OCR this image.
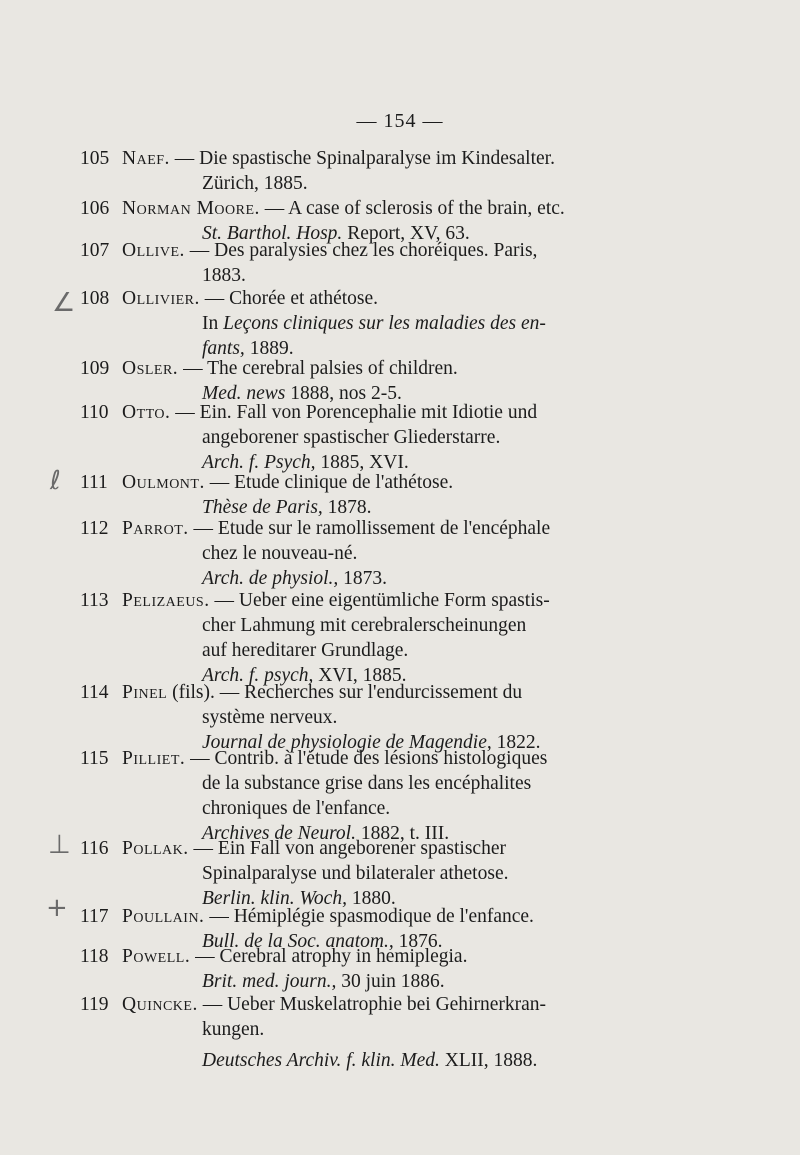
— 154 —
∠
ℓ
⊥
+
105 Naef. — Die spastische Spinalparalyse im Kindesalter.
Zürich, 1885.
106 Norman Moore. — A case of sclerosis of the brain, etc.
St. Barthol. Hosp. Report, XV, 63.
107 Ollive. — Des paralysies chez les choréiques. Paris,
1883.
108 Ollivier. — Chorée et athétose.
In Leçons cliniques sur les maladies des en-
fants, 1889.
109 Osler. — The cerebral palsies of children.
Med. news 1888, nos 2-5.
110 Otto. — Ein. Fall von Porencephalie mit Idiotie und
angeborener spastischer Gliederstarre.
Arch. f. Psych, 1885, XVI.
111 Oulmont. — Etude clinique de l'athétose.
Thèse de Paris, 1878.
112 Parrot. — Etude sur le ramollissement de l'encéphale
chez le nouveau-né.
Arch. de physiol., 1873.
113 Pelizaeus. — Ueber eine eigentümliche Form spastis-
cher Lahmung mit cerebralerscheinungen
auf hereditarer Grundlage.
Arch. f. psych, XVI, 1885.
114 Pinel (fils). — Recherches sur l'endurcissement du
système nerveux.
Journal de physiologie de Magendie, 1822.
115 Pilliet. — Contrib. à l'étude des lésions histologiques
de la substance grise dans les encéphalites
chroniques de l'enfance.
Archives de Neurol. 1882, t. III.
116 Pollak. — Ein Fall von angeborener spastischer
Spinalparalyse und bilateraler athetose.
Berlin. klin. Woch, 1880.
117 Poullain. — Hémiplégie spasmodique de l'enfance.
Bull. de la Soc. anatom., 1876.
118 Powell. — Cerebral atrophy in hemiplegia.
Brit. med. journ., 30 juin 1886.
119 Quincke. — Ueber Muskelatrophie bei Gehirnerkran-
kungen.
Deutsches Archiv. f. klin. Med. XLII, 1888.
